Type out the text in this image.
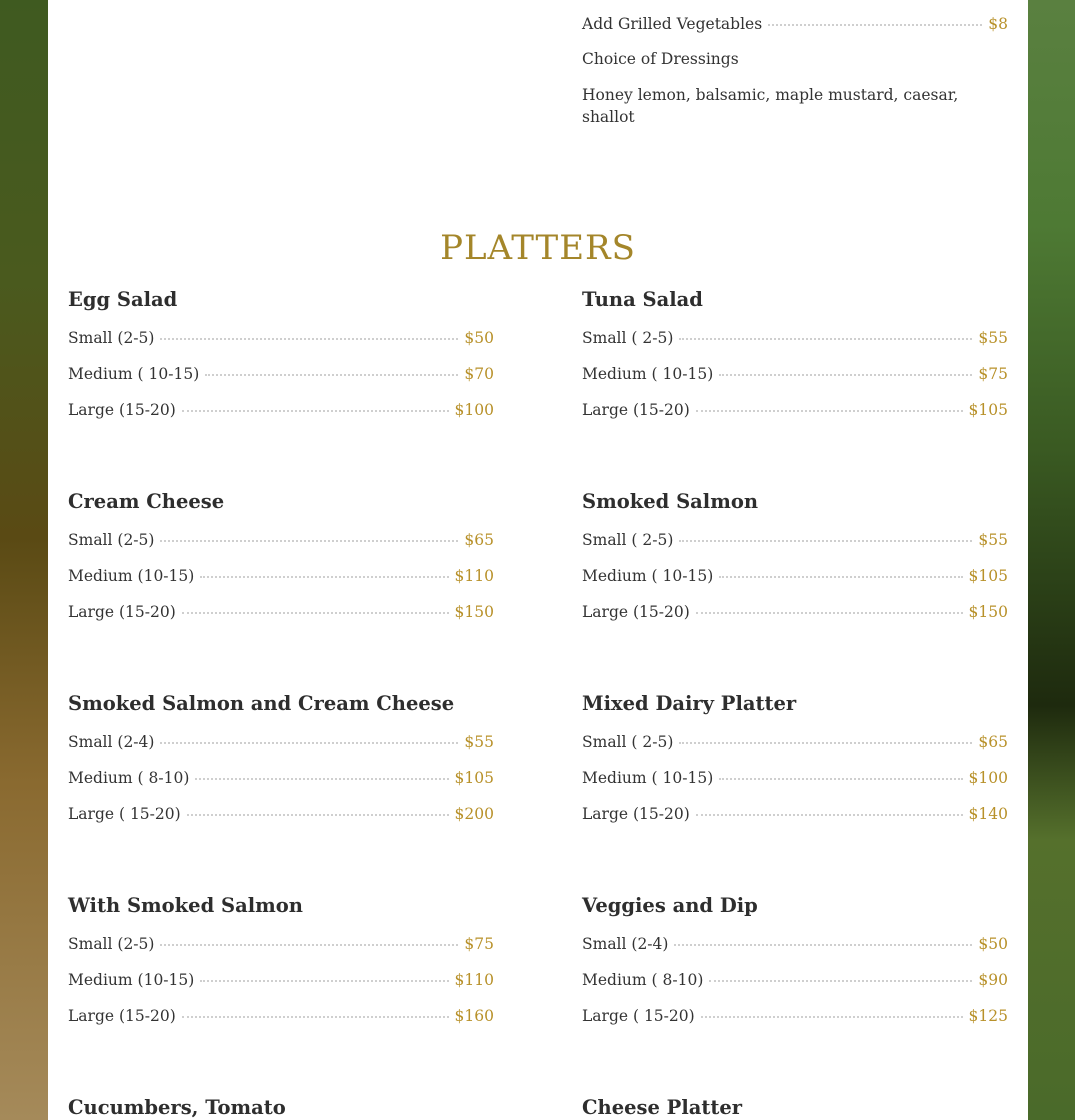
Add Grilled Vegetables	$8
Choice of Dressings
Honey lemon, balsamic, maple mustard, caesar, shallot
PLATTERS
Egg Salad
Small (2-5)	$50
Medium ( 10-15)	$70
Large (15-20)	$100
Tuna Salad
Small ( 2-5)	$55
Medium ( 10-15)	$75
Large (15-20)	$105
Cream Cheese
Small (2-5)	$65
Medium (10-15)	$110
Large (15-20)	$150
Smoked Salmon
Small ( 2-5)	$55
Medium ( 10-15)	$105
Large (15-20)	$150
Smoked Salmon and Cream Cheese
Small (2-4)	$55
Medium ( 8-10)	$105
Large ( 15-20)	$200
Mixed Dairy Platter
Small ( 2-5)	$65
Medium ( 10-15)	$100
Large (15-20)	$140
With Smoked Salmon
Small (2-5)	$75
Medium (10-15)	$110
Large (15-20)	$160
Veggies and Dip
Small (2-4)	$50
Medium ( 8-10)	$90
Large ( 15-20)	$125
Cucumbers, Tomato	Cheese Platter
